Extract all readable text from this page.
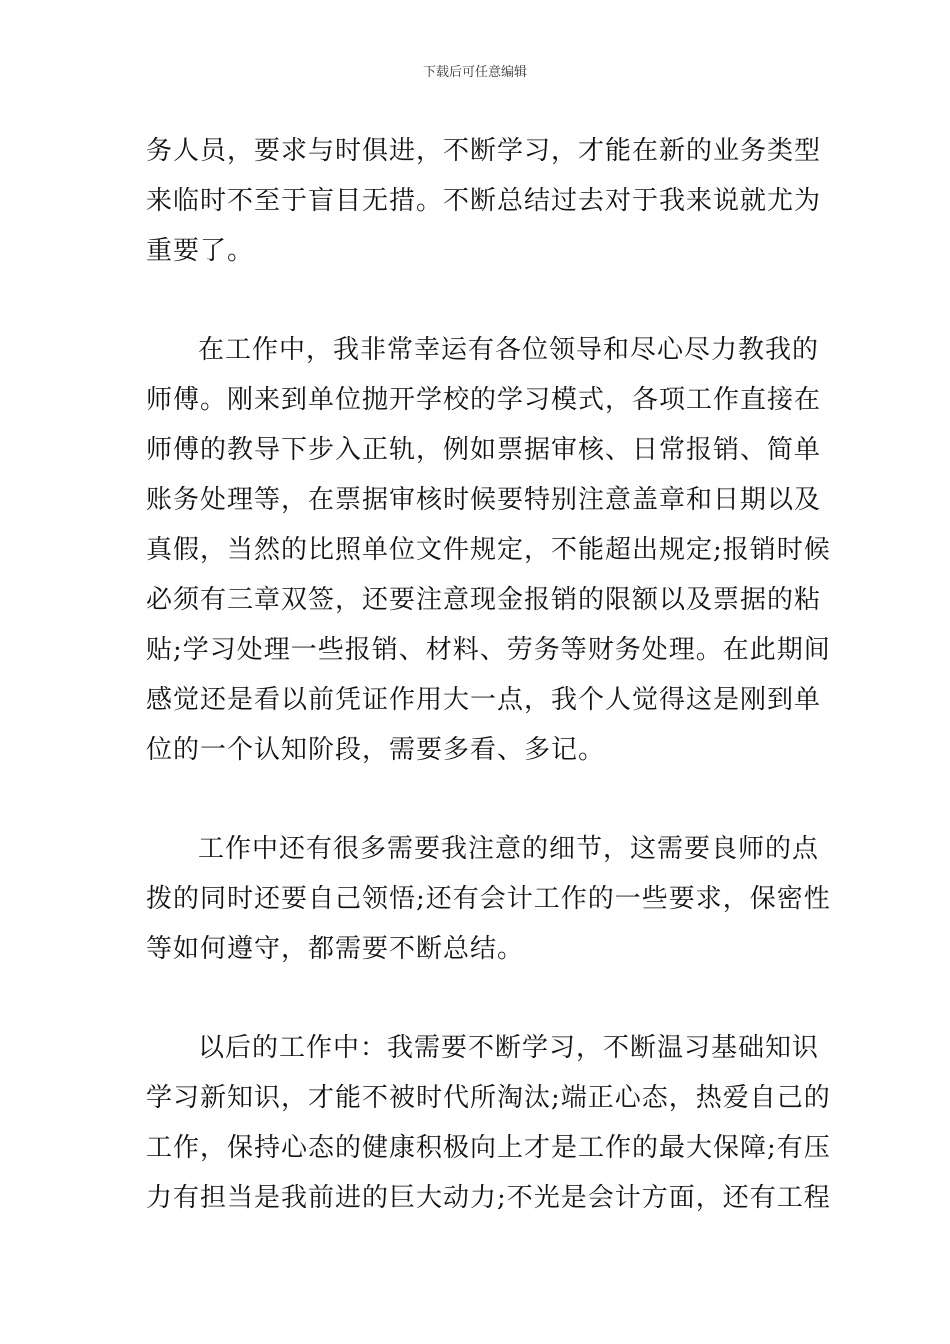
下载后可任意编辑

务人员，要求与时俱进，不断学习，才能在新的业务类型
来临时不至于盲目无措。不断总结过去对于我来说就尤为
重要了。

在工作中，我非常幸运有各位领导和尽心尽力教我的
师傅。刚来到单位抛开学校的学习模式，各项工作直接在
师傅的教导下步入正轨，例如票据审核、日常报销、简单
账务处理等，在票据审核时候要特别注意盖章和日期以及
真假，当然的比照单位文件规定，不能超出规定;报销时候
必须有三章双签，还要注意现金报销的限额以及票据的粘
贴;学习处理一些报销、材料、劳务等财务处理。在此期间
感觉还是看以前凭证作用大一点，我个人觉得这是刚到单
位的一个认知阶段，需要多看、多记。

工作中还有很多需要我注意的细节，这需要良师的点
拨的同时还要自己领悟;还有会计工作的一些要求，保密性
等如何遵守，都需要不断总结。

以后的工作中：我需要不断学习，不断温习基础知识
学习新知识，才能不被时代所淘汰;端正心态，热爱自己的
工作，保持心态的健康积极向上才是工作的最大保障;有压
力有担当是我前进的巨大动力;不光是会计方面，还有工程
